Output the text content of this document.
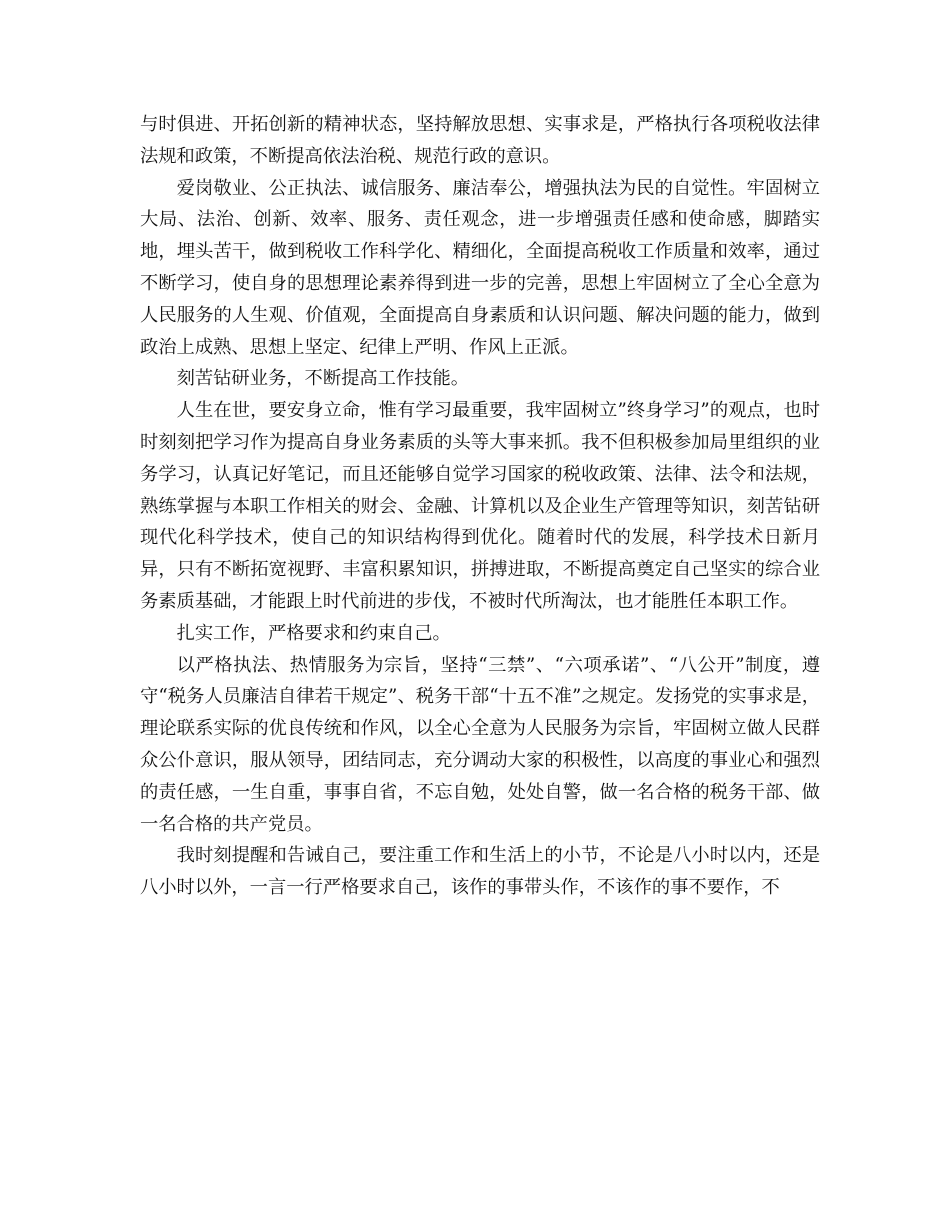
与时俱进、开拓创新的精神状态，坚持解放思想、实事求是，严格执行各项税收法律法规和政策，不断提高依法治税、规范行政的意识。

爱岗敬业、公正执法、诚信服务、廉洁奉公，增强执法为民的自觉性。牢固树立大局、法治、创新、效率、服务、责任观念，进一步增强责任感和使命感，脚踏实地，埋头苦干，做到税收工作科学化、精细化，全面提高税收工作质量和效率，通过不断学习，使自身的思想理论素养得到进一步的完善，思想上牢固树立了全心全意为人民服务的人生观、价值观，全面提高自身素质和认识问题、解决问题的能力，做到政治上成熟、思想上坚定、纪律上严明、作风上正派。

刻苦钻研业务，不断提高工作技能。

人生在世，要安身立命，惟有学习最重要，我牢固树立”终身学习”的观点，也时时刻刻把学习作为提高自身业务素质的头等大事来抓。我不但积极参加局里组织的业务学习，认真记好笔记，而且还能够自觉学习国家的税收政策、法律、法令和法规，熟练掌握与本职工作相关的财会、金融、计算机以及企业生产管理等知识，刻苦钻研现代化科学技术，使自己的知识结构得到优化。随着时代的发展，科学技术日新月异，只有不断拓宽视野、丰富积累知识，拼搏进取，不断提高奠定自己坚实的综合业务素质基础，才能跟上时代前进的步伐，不被时代所淘汰，也才能胜任本职工作。

扎实工作，严格要求和约束自己。

以严格执法、热情服务为宗旨，坚持“三禁”、“六项承诺”、“八公开”制度，遵守“税务人员廉洁自律若干规定”、税务干部“十五不准”之规定。发扬党的实事求是，理论联系实际的优良传统和作风，以全心全意为人民服务为宗旨，牢固树立做人民群众公仆意识，服从领导，团结同志，充分调动大家的积极性，以高度的事业心和强烈的责任感，一生自重，事事自省，不忘自勉，处处自警，做一名合格的税务干部、做一名合格的共产党员。

我时刻提醒和告诫自己，要注重工作和生活上的小节，不论是八小时以内，还是八小时以外，一言一行严格要求自己，该作的事带头作，不该作的事不要作，不
